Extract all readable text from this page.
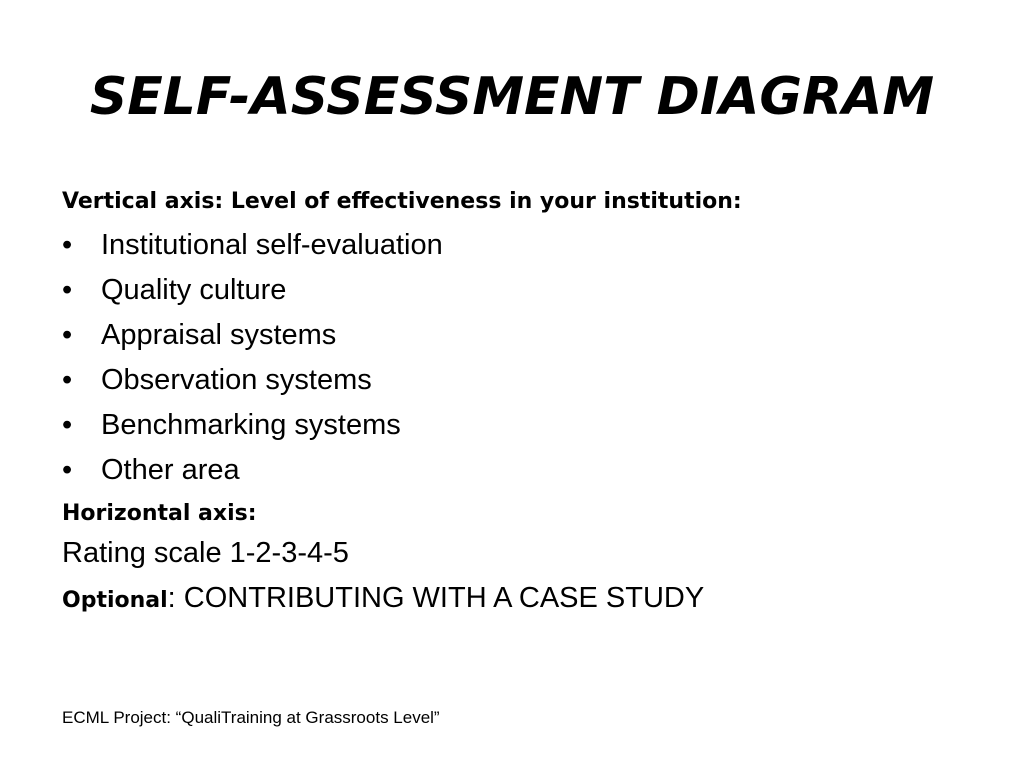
SELF-ASSESSMENT DIAGRAM
Vertical axis: Level of effectiveness in your institution:
• Institutional self-evaluation
• Quality culture
• Appraisal systems
• Observation systems
• Benchmarking systems
• Other area
Horizontal axis:
Rating scale 1-2-3-4-5
Optional: CONTRIBUTING WITH A CASE STUDY
ECML Project: “QualiTraining at Grassroots Level”
